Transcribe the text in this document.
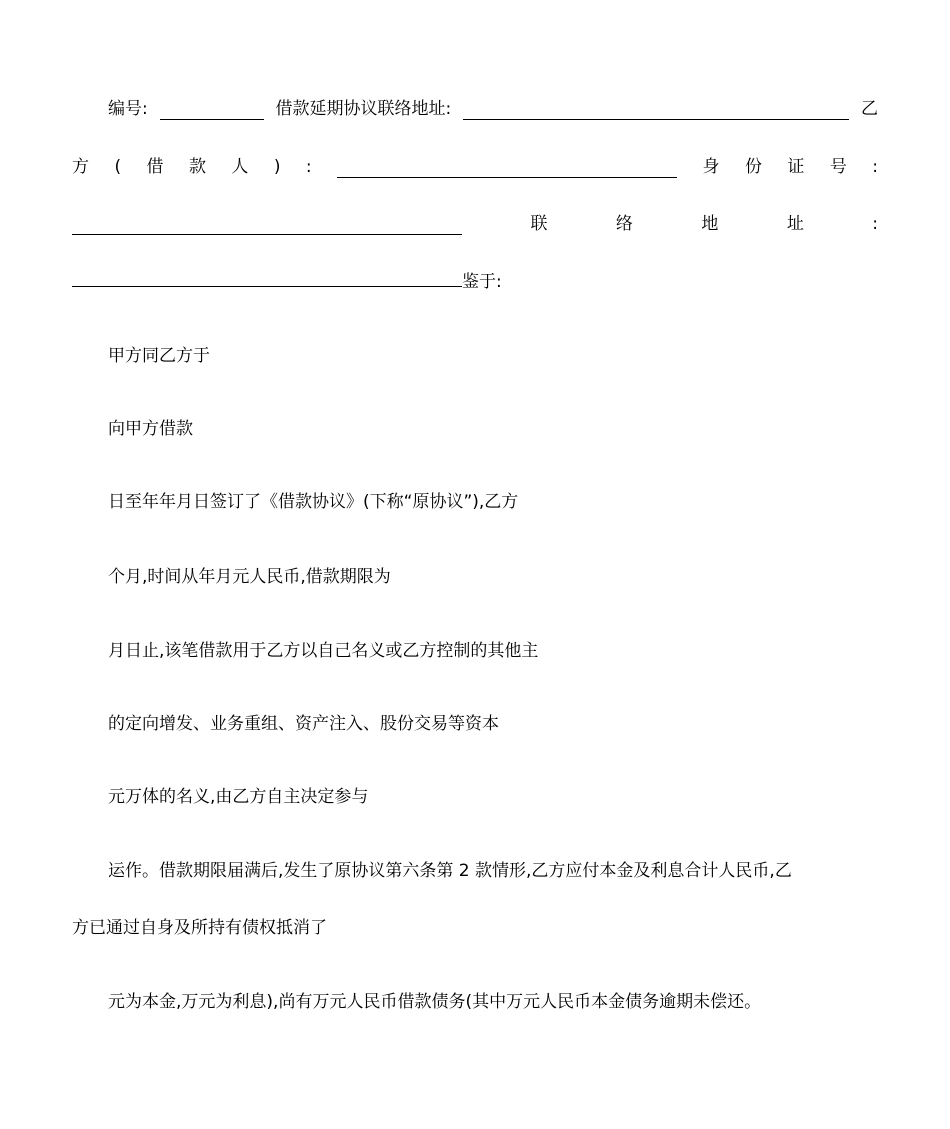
编号:	借款延期协议联络地址:	乙
方 ( 借 款 人 ) :	身 份 证 号 :
联	络	地	址	:
鉴于:
甲方同乙方于
向甲方借款
日至年年月日签订了《借款协议》(下称“原协议”),乙方
个月,时间从年月元人民币,借款期限为
月日止,该笔借款用于乙方以自己名义或乙方控制的其他主
的定向增发、业务重组、资产注入、股份交易等资本
元万体的名义,由乙方自主决定参与
运作。借款期限届满后,发生了原协议第六条第 2 款情形,乙方应付本金及利息合计人民币,乙
方已通过自身及所持有债权抵消了
元为本金,万元为利息),尚有万元人民币借款债务(其中万元人民币本金债务逾期未偿还。
